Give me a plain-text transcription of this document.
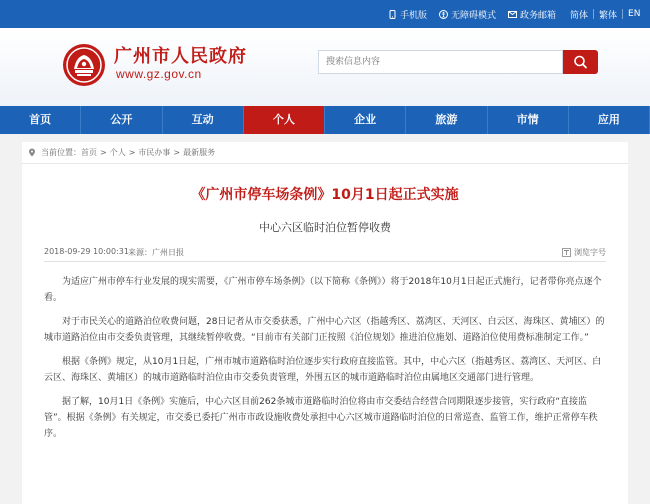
手机版	无障碍模式	政务邮箱	简体	繁体	EN
广州市人民政府
www.gz.gov.cn
搜索信息内容
首页	公开	互动	个人	企业	旅游	市情	应用
当前位置： 首页 > 个人 > 市民办事 > 最新服务
《广州市停车场条例》10月1日起正式实施
中心六区临时泊位暂停收费
2018-09-29 10:00:31 来源：广州日报	浏览字号

为适应广州市停车行业发展的现实需要，《广州市停车场条例》（以下简称《条例》）将于2018年10月1日起正式施行，记者带你亮点逐个看。

对于市民关心的道路泊位收费问题，28日记者从市交委获悉，广州中心六区（指越秀区、荔湾区、天河区、白云区、海珠区、黄埔区）的城市道路泊位由市交委负责管理，其继续暂停收费。“目前市有关部门正按照《泊位规划》推进泊位施划、道路泊位使用费标准制定工作。”

根据《条例》规定，从10月1日起，广州市城市道路临时泊位逐步实行政府直接监管。其中，中心六区（指越秀区、荔湾区、天河区、白云区、海珠区、黄埔区）的城市道路临时泊位由市交委负责管理，外围五区的城市道路临时泊位由属地区交通部门进行管理。

据了解，10月1日《条例》实施后，中心六区目前262条城市道路临时泊位将由市交委结合经营合同期限逐步接管，实行政府“直接监管”。根据《条例》有关规定，市交委已委托广州市市政设施收费处承担中心六区城市道路临时泊位的日常巡查、监管工作，维护正常停车秩序。
